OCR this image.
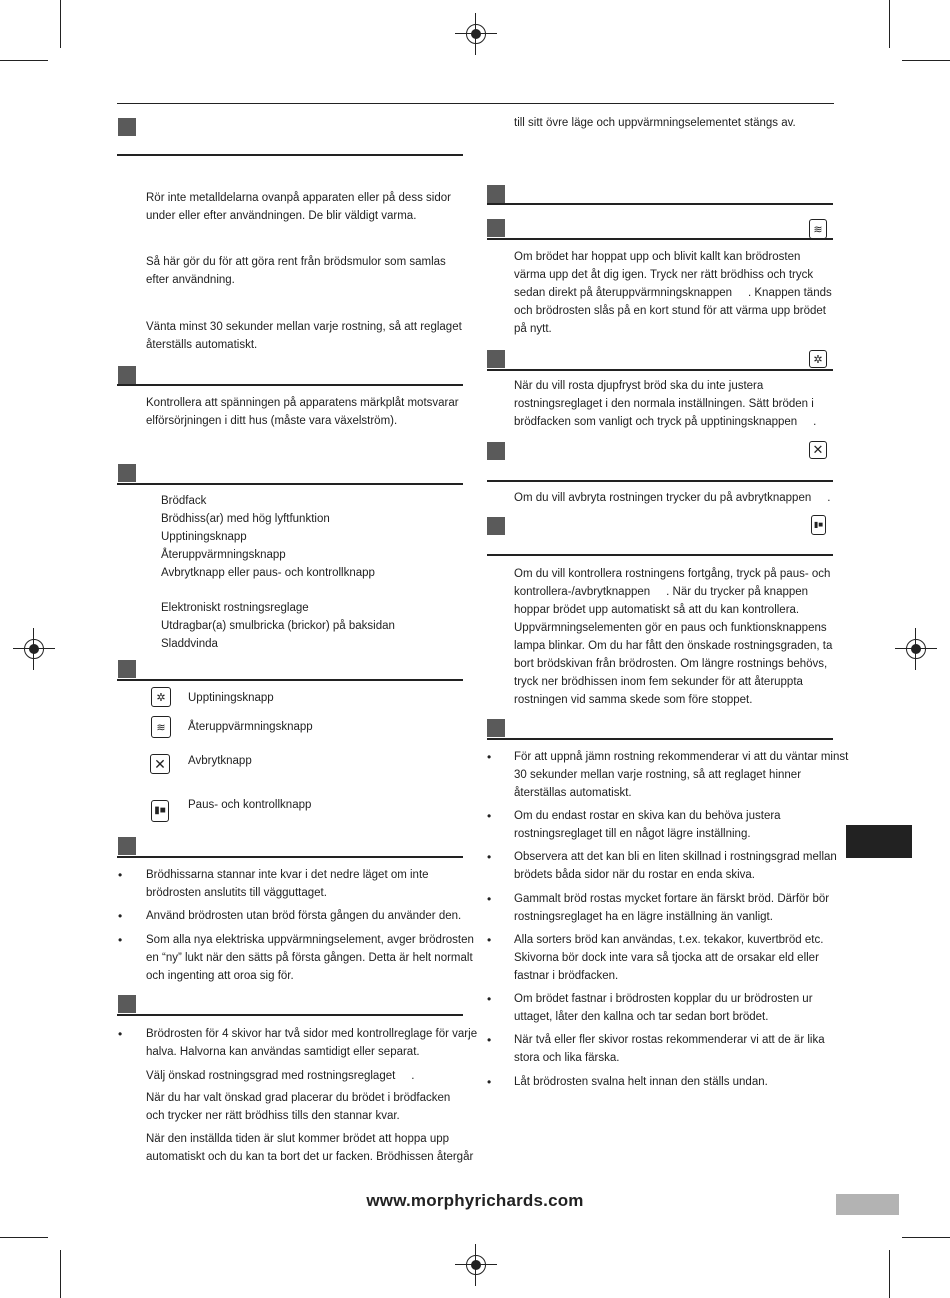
Rör inte metalldelarna ovanpå apparaten eller på dess sidor
under eller efter användningen. De blir väldigt varma.
Så här gör du för att göra rent från brödsmulor som samlas
efter användning.
Vänta minst 30 sekunder mellan varje rostning, så att reglaget
återställs automatiskt.
Kontrollera att spänningen på apparatens märkplåt motsvarar
elförsörjningen i ditt hus (måste vara växelström).
Brödfack
Brödhiss(ar) med hög lyftfunktion
Upptiningsknapp
Återuppvärmningsknapp
Avbrytknapp eller paus- och kontrollknapp
Elektroniskt rostningsreglage
Utdragbar(a) smulbricka (brickor) på baksidan
Sladdvinda
✲	Upptiningsknapp
≋	Återuppvärmningsknapp
✕	Avbrytknapp
▮■ Paus- och kontrollknapp
• Brödhissarna stannar inte kvar i det nedre läget om inte
brödrosten anslutits till vägguttaget.
• Använd brödrosten utan bröd första gången du använder den.
• Som alla nya elektriska uppvärmningselement, avger brödrosten
en “ny” lukt när den sätts på första gången. Detta är helt normalt
och ingenting att oroa sig för.
• Brödrosten för 4 skivor har två sidor med kontrollreglage för varje
halva. Halvorna kan användas samtidigt eller separat.
Välj önskad rostningsgrad med rostningsreglaget     .
När du har valt önskad grad placerar du brödet i brödfacken
och trycker ner rätt brödhiss tills den stannar kvar.
När den inställda tiden är slut kommer brödet att hoppa upp
automatiskt och du kan ta bort det ur facken. Brödhissen återgår
till sitt övre läge och uppvärmningselementet stängs av.
≋
Om brödet har hoppat upp och blivit kallt kan brödrosten
värma upp det åt dig igen. Tryck ner rätt brödhiss och tryck
sedan direkt på återuppvärmningsknappen     . Knappen tänds
och brödrosten slås på en kort stund för att värma upp brödet
på nytt.
✲
När du vill rosta djupfryst bröd ska du inte justera
rostningsreglaget i den normala inställningen. Sätt bröden i
brödfacken som vanligt och tryck på upptiningsknappen     .
✕
Om du vill avbryta rostningen trycker du på avbrytknappen     .
▮■
Om du vill kontrollera rostningens fortgång, tryck på paus- och
kontrollera-/avbrytknappen     . När du trycker på knappen
hoppar brödet upp automatiskt så att du kan kontrollera.
Uppvärmningselementen gör en paus och funktionsknappens
lampa blinkar. Om du har fått den önskade rostningsgraden, ta
bort brödskivan från brödrosten. Om längre rostnings behövs,
tryck ner brödhissen inom fem sekunder för att återuppta
rostningen vid samma skede som före stoppet.
• För att uppnå jämn rostning rekommenderar vi att du väntar minst
30 sekunder mellan varje rostning, så att reglaget hinner
återställas automatiskt.
• Om du endast rostar en skiva kan du behöva justera
rostningsreglaget till en något lägre inställning.
• Observera att det kan bli en liten skillnad i rostningsgrad mellan
brödets båda sidor när du rostar en enda skiva.
• Gammalt bröd rostas mycket fortare än färskt bröd. Därför bör
rostningsreglaget ha en lägre inställning än vanligt.
• Alla sorters bröd kan användas, t.ex. tekakor, kuvertbröd etc.
Skivorna bör dock inte vara så tjocka att de orsakar eld eller
fastnar i brödfacken.
• Om brödet fastnar i brödrosten kopplar du ur brödrosten ur
uttaget, låter den kallna och tar sedan bort brödet.
• När två eller fler skivor rostas rekommenderar vi att de är lika
stora och lika färska.
• Låt brödrosten svalna helt innan den ställs undan.
www.morphyrichards.com
